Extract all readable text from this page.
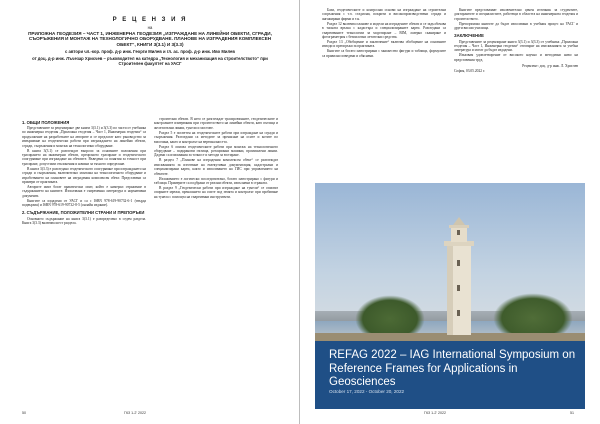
Р Е Ц Е Н З И Я
на
ПРИЛОЖНА ГЕОДЕЗИЯ – ЧАСТ 1, ИНЖЕНЕРНА ГЕОДЕЗИЯ „ИЗГРАЖДАНЕ НА ЛИНЕЙНИ ОБЕКТИ, СГРАДИ, СЪОРЪЖЕНИЯ И МОНТАЖ НА ТЕХНОЛОГИЧНО ОБОРУДВАНЕ. ПЛАНОВЕ НА ИЗГРАДЕНИЯ КОМПЛЕКСЕН ОБЕКТ“, КНИГИ 3(3.1) И 3(3.3)
с автори чл.-кор. проф. д-р инж. Георги Милев и гл. ас. проф. д-р инж. Иво Милев
от доц. д-р инж. Лъчезар Хрисчев – ръководител на катедра „Технология и механизация на строителството“ при Строителен факултет на УАСГ
1. ОБЩИ ПОЛОЖЕНИЯ

Представените за рецензиране две книги 3(3.1) и 3(3.3) по части от учебника по инженерна геодезия „Приложна геодезия – Част 1, Инженерна геодезия“ са продължение на разработките на авторите и се предлагат като ръководство за извършване на геодезически работи при изграждането на линейни обекти, сгради, съоръжения и монтаж на технологично оборудване.

В книга 3(3.1) се разглеждат въпроси за основните положения при трасирането на инженерни обекти, прецизното трасиране и геодезическото осигуряване при изграждане на обектите. Въведени са понятия за точност при трасиране, допустими отклонения и начини за тяхното определяне.

В книга 3(3.3) е разгледано геодезическото осигуряване при изграждането на сгради и съоръжения, включително монтажа на технологичното оборудване и изработването на плановете на изградения комплексен обект. Представени са примери от практиката.

Авторите имат богат практически опит, който е намерил отражение в съдържанието на книгите. Използвана е съвременна литература и нормативни документи.

Книгите са издадени от УАСГ и са с ISBN 978-619-90732-6-1 (твърда подвързия) и ISBN 978-619-90732-8-5 (онлайн издание).

2. СЪДЪРЖАНИЕ, ПОЛОЖИТЕЛНИ СТРАНИ И ПРЕПОРЪКИ

Основното съдържание на книга 3(3.1) е разпределено в седем раздела. Книга 3(3.3) включва шест раздела.

строителни обекти. В него се разглеждат трасировъчните, геодезическите и контролните измервания при строителството на линейни обекти, като пътища и железопътни линии, тунели и мостове.

Раздел 5 е посветен на геодезическите работи при изграждане на сгради и съоръжения. Разгледани са методите за пренасяне на осите и котите по височина, както и контролът на вертикалността.

Раздел 6 описва геодезическите работи при монтаж на технологичното оборудване – подкранови пътища, ротационни машини, промишлени линии. Дадени са изисквания за точност и методи за юстиране.

В раздел 7 „Планове на изградения комплексен обект“ се разглеждат изискванията за изготвяне на екзекутивна документация, кадастрални и специализирани карти, както и използването на ГИС при управлението на обектите.

Изложението е логически последователно, богато илюстрирано с фигури и таблици. Примерите са подбрани от реални обекти, изпълнени в страната.

В раздел 9 „Геодезически работи при изграждане на тунели“ се описват опорните мрежи, пренасянето на осите под земята и контролът при пробиване на тунела с помощта на съвременни инструменти.

50	ГКЗ 1-2' 2022

Бази, геодезическите и контролни основи на изграждане на строителни сооръжения с т.ч. стадиони, покрити и високопроизводствени сгради и ангажирани фирми и т.н.

Раздел 12 включва планове и модели на изградените обекти и се задълбочава в тясната връзка с кадастъра и специализираните карти. Разгледани са съвременните технологии за моделиране – BIM, лазерно сканиране и фотограметрия с безпилотни летателни средства.

Раздел 13 „Обобщение и заключение“ включва обобщение на основните изводи и препоръки за практиката.

Книгите са богато илюстрирани с множество фигури и таблици, формулите са правилно изведени и обяснени.

Книгите представляват изключително ценен източник за студентите, докторантите и специалистите, работещи в областта на инженерната геодезия и строителството.

Препоръчвам книгите да бъдат използвани в учебния процес на УАСГ и други висши училища.

ЗАКЛЮЧЕНИЕ

Представените за рецензиране книги 3(3.1) и 3(3.3) от учебника „Приложна геодезия – Част 1, Инженерна геодезия“ отговарят на изискванията за учебна литература и могат да бъдат издадени.

Изказвам удовлетворение от високото научно и методично ниво на представения труд.

Рецензент: доц. д-р инж. Л. Хрисчев
София, 03.05.2022 г.
REFAG 2022 – IAG International Symposium on
Reference Frames for Applications in Geosciences
October 17, 2022 - October 20, 2022
ГКЗ 1-2' 2022	51
